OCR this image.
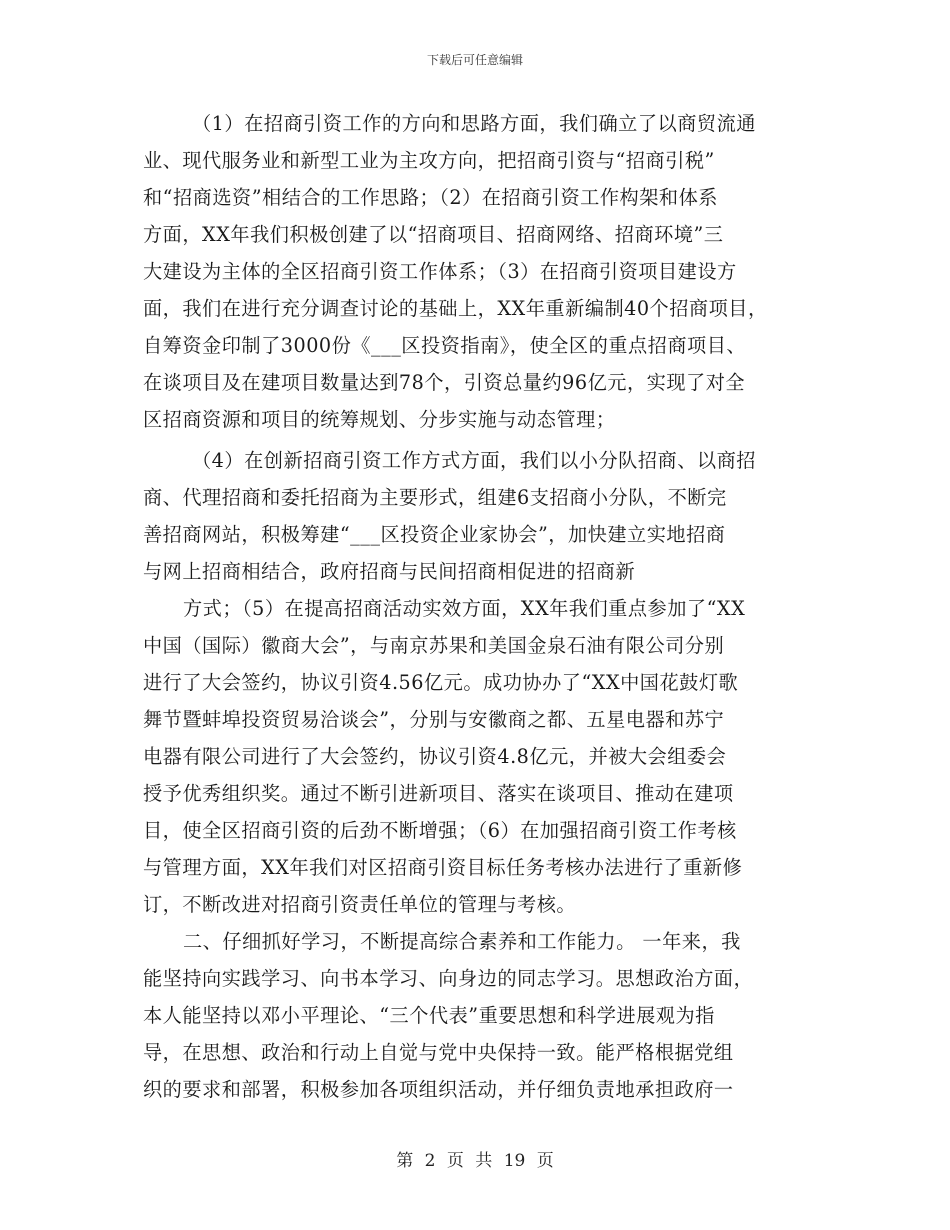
下载后可任意编辑
（1）在招商引资工作的方向和思路方面，我们确立了以商贸流通
业、现代服务业和新型工业为主攻方向，把招商引资与“招商引税”
和“招商选资”相结合的工作思路；（2）在招商引资工作构架和体系
方面，XX年我们积极创建了以“招商项目、招商网络、招商环境”三
大建设为主体的全区招商引资工作体系；（3）在招商引资项目建设方
面，我们在进行充分调查讨论的基础上，XX年重新编制40个招商项目，
自筹资金印制了3000份《___区投资指南》，使全区的重点招商项目、
在谈项目及在建项目数量达到78个，引资总量约96亿元，实现了对全
区招商资源和项目的统筹规划、分步实施与动态管理；
（4）在创新招商引资工作方式方面，我们以小分队招商、以商招
商、代理招商和委托招商为主要形式，组建6支招商小分队，不断完
善招商网站，积极筹建“___区投资企业家协会”，加快建立实地招商
与网上招商相结合，政府招商与民间招商相促进的招商新
方式；（5）在提高招商活动实效方面，XX年我们重点参加了“XX
中国（国际）徽商大会”，与南京苏果和美国金泉石油有限公司分别
进行了大会签约，协议引资4.56亿元。成功协办了“XX中国花鼓灯歌
舞节暨蚌埠投资贸易洽谈会”，分别与安徽商之都、五星电器和苏宁
电器有限公司进行了大会签约，协议引资4.8亿元，并被大会组委会
授予优秀组织奖。通过不断引进新项目、落实在谈项目、推动在建项
目，使全区招商引资的后劲不断增强；（6）在加强招商引资工作考核
与管理方面，XX年我们对区招商引资目标任务考核办法进行了重新修
订，不断改进对招商引资责任单位的管理与考核。
二、仔细抓好学习，不断提高综合素养和工作能力。 一年来，我
能坚持向实践学习、向书本学习、向身边的同志学习。思想政治方面，
本人能坚持以邓小平理论、“三个代表”重要思想和科学进展观为指
导，在思想、政治和行动上自觉与党中央保持一致。能严格根据党组
织的要求和部署，积极参加各项组织活动，并仔细负责地承担政府一
第 2 页 共 19 页
